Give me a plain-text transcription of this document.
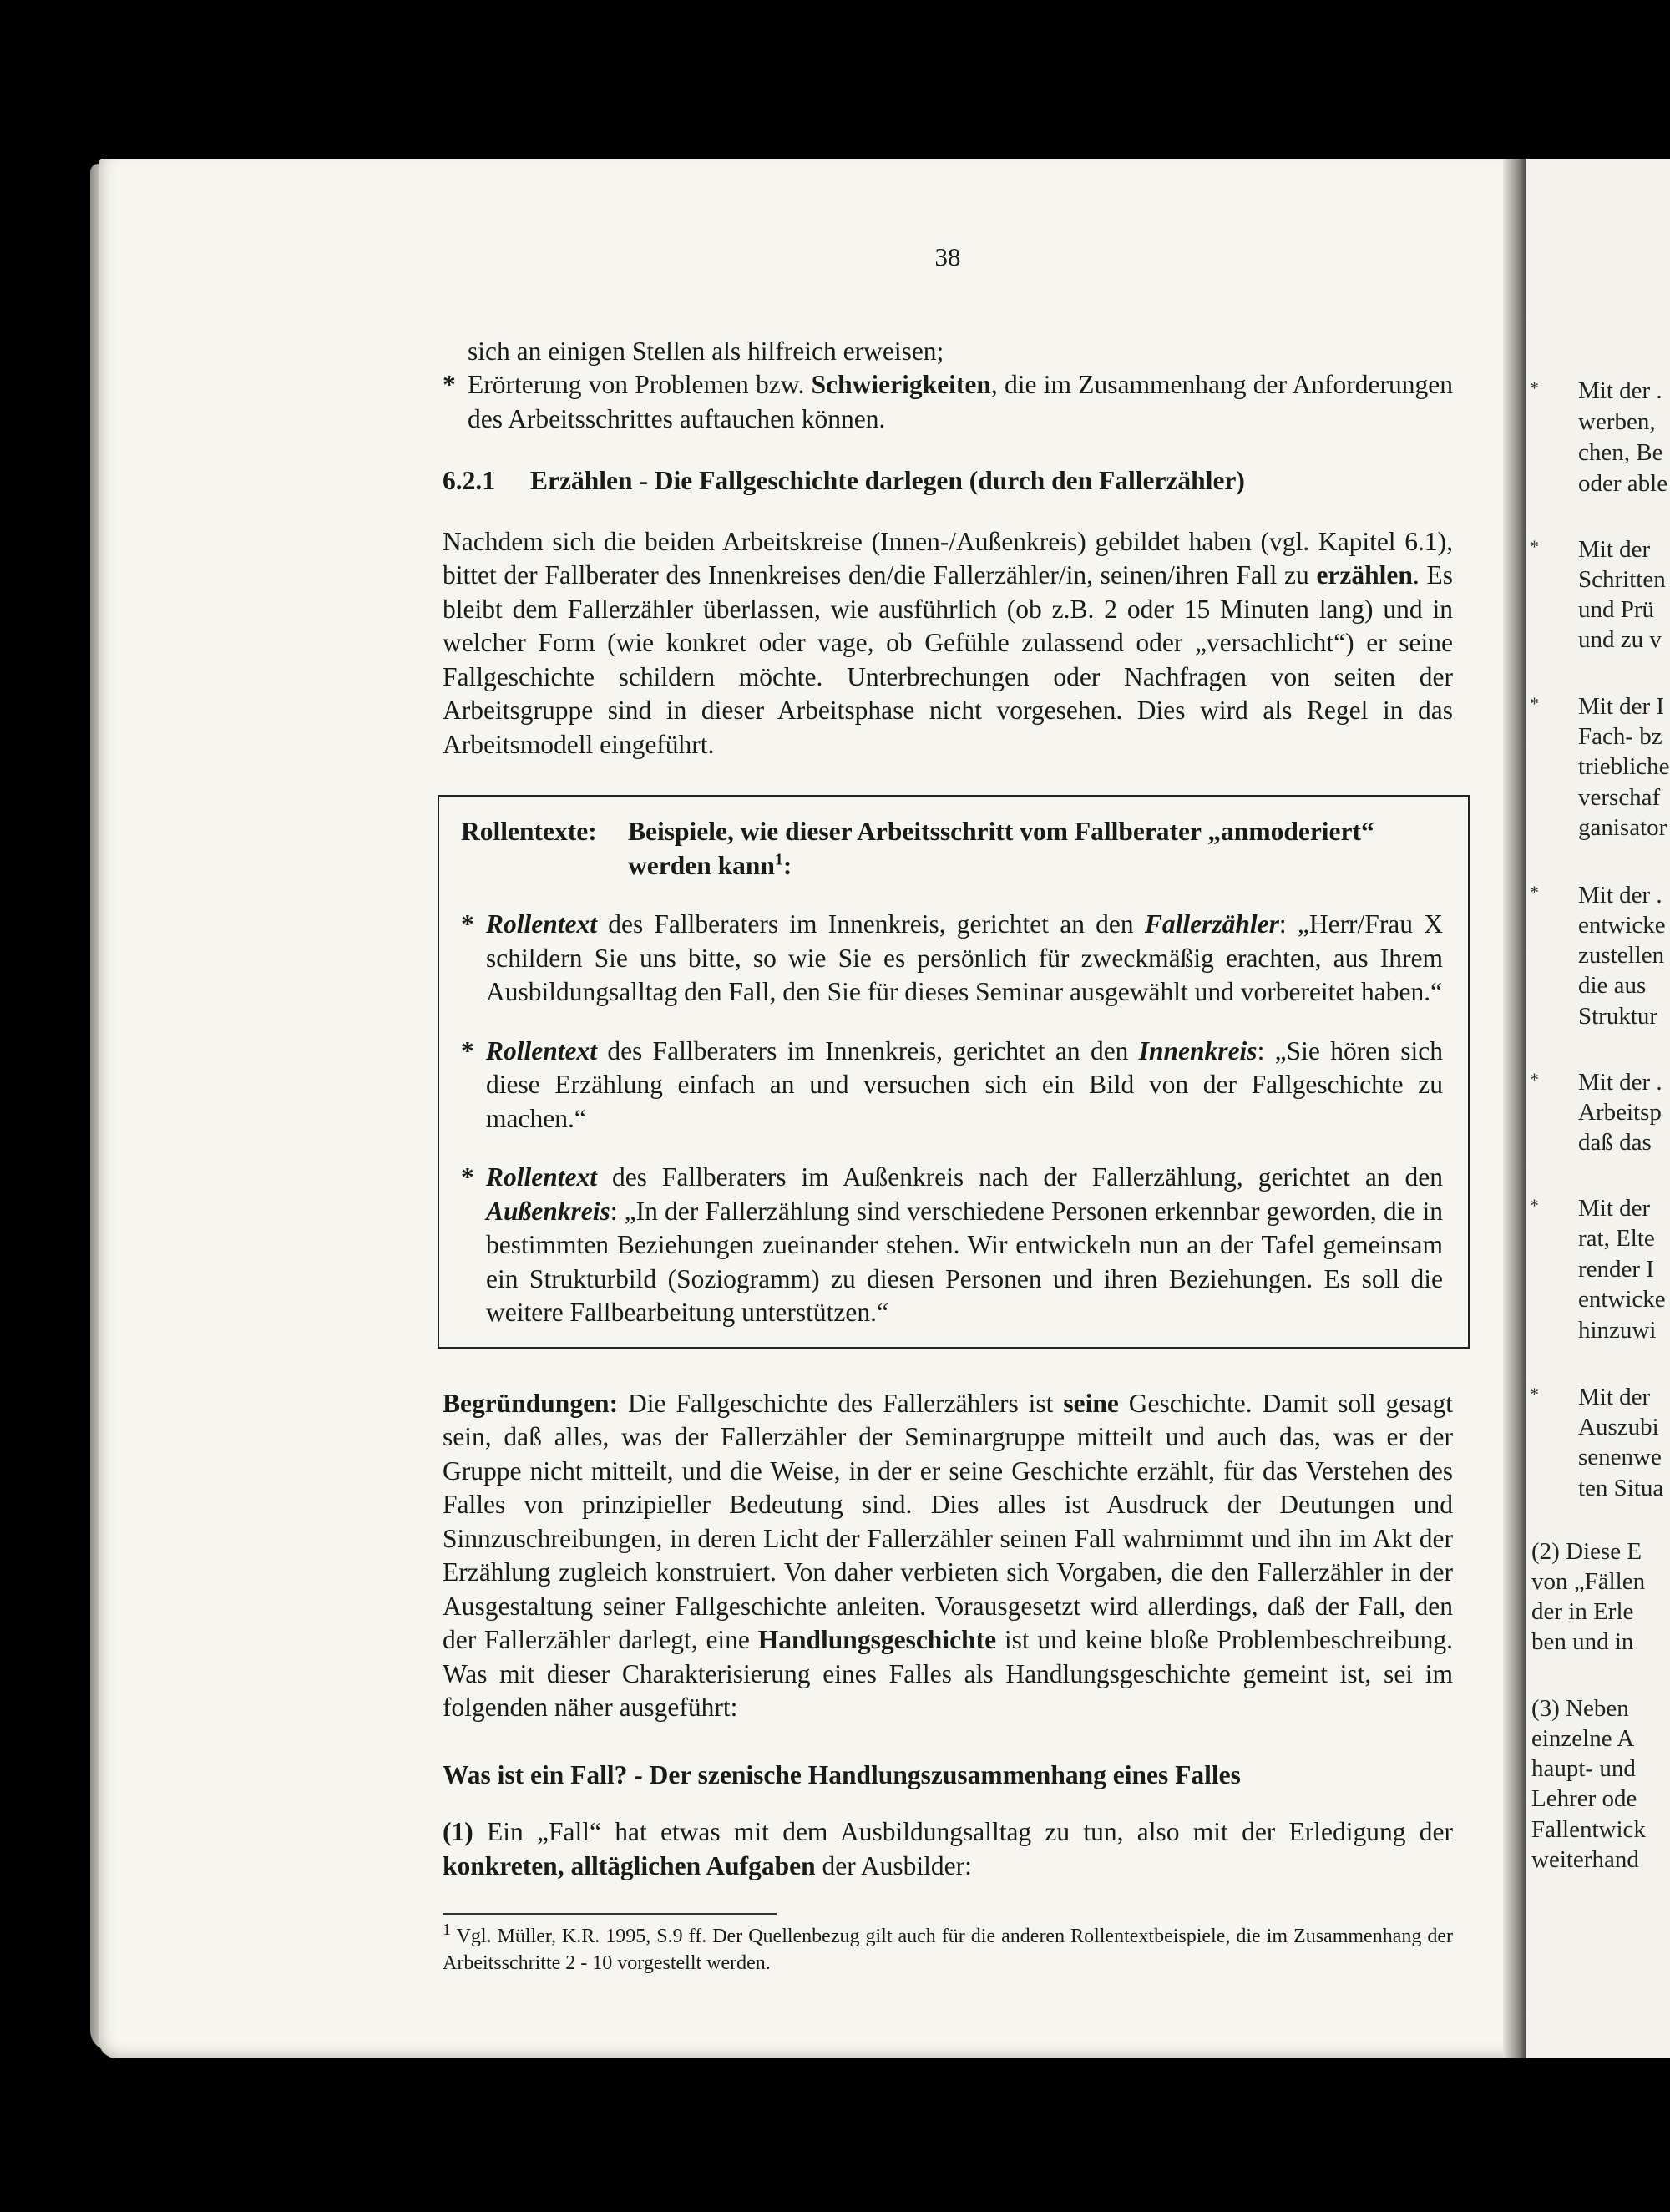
Mit der .
werben,
chen, Be
oder able
Mit der
Schritten
und Prü
und zu v
Mit der I
Fach- bz
triebliche
verschaf
ganisator
Mit der .
entwicke
zustellen
die aus
Struktur
Mit der .
Arbeitsp
daß das
Mit der
rat, Elte
render I
entwicke
hinzuwi
Mit der
Auszubi
senenwe
ten Situa
(2) Diese E
von „Fällen
der in Erle
ben und in
(3) Neben
einzelne A
haupt- und
Lehrer ode
Fallentwick
weiterhand
*
*
*
*
*
*
*
38

sich an einigen Stellen als hilfreich erweisen;

* Erörterung von Problemen bzw. Schwierigkeiten, die im Zusammenhang der Anforderungen des Arbeitsschrittes auftauchen können.
6.2.1	Erzählen - Die Fallgeschichte darlegen (durch den Fallerzähler)

Nachdem sich die beiden Arbeitskreise (Innen-/Außenkreis) gebildet haben (vgl. Kapitel 6.1), bittet der Fallberater des Innenkreises den/die Fallerzähler/in, seinen/ihren Fall zu erzählen. Es bleibt dem Fallerzähler überlassen, wie ausführlich (ob z.B. 2 oder 15 Minuten lang) und in welcher Form (wie konkret oder vage, ob Gefühle zulassend oder „versachlicht“) er seine Fallgeschichte schildern möchte. Unterbrechungen oder Nachfragen von seiten der Arbeitsgruppe sind in dieser Arbeitsphase nicht vorgesehen. Dies wird als Regel in das Arbeitsmodell eingeführt.

Rollentexte:	Beispiele, wie dieser Arbeitsschritt vom Fallberater „anmoderiert“ werden kann$^1$:
* Rollentext des Fallberaters im Innenkreis, gerichtet an den Fallerzähler: „Herr/Frau X schildern Sie uns bitte, so wie Sie es persönlich für zweckmäßig erachten, aus Ihrem Ausbildungsalltag den Fall, den Sie für dieses Seminar ausgewählt und vorbereitet haben.“
* Rollentext des Fallberaters im Innenkreis, gerichtet an den Innenkreis: „Sie hören sich diese Erzählung einfach an und versuchen sich ein Bild von der Fallgeschichte zu machen.“
* Rollentext des Fallberaters im Außenkreis nach der Fallerzählung, gerichtet an den Außenkreis: „In der Fallerzählung sind verschiedene Personen erkennbar geworden, die in bestimmten Beziehungen zueinander stehen. Wir entwickeln nun an der Tafel gemeinsam ein Strukturbild (Soziogramm) zu diesen Personen und ihren Beziehungen. Es soll die weitere Fallbearbeitung unterstützen.“

Begründungen: Die Fallgeschichte des Fallerzählers ist seine Geschichte. Damit soll gesagt sein, daß alles, was der Fallerzähler der Seminargruppe mitteilt und auch das, was er der Gruppe nicht mitteilt, und die Weise, in der er seine Geschichte erzählt, für das Verstehen des Falles von prinzipieller Bedeutung sind. Dies alles ist Ausdruck der Deutungen und Sinnzuschreibungen, in deren Licht der Fallerzähler seinen Fall wahrnimmt und ihn im Akt der Erzählung zugleich konstruiert. Von daher verbieten sich Vorgaben, die den Fallerzähler in der Ausgestaltung seiner Fallgeschichte anleiten. Vorausgesetzt wird allerdings, daß der Fall, den der Fallerzähler darlegt, eine Handlungsgeschichte ist und keine bloße Problembeschreibung. Was mit dieser Charakterisierung eines Falles als Handlungsgeschichte gemeint ist, sei im folgenden näher ausgeführt:

Was ist ein Fall? - Der szenische Handlungszusammenhang eines Falles

(1) Ein „Fall“ hat etwas mit dem Ausbildungsalltag zu tun, also mit der Erledigung der konkreten, alltäglichen Aufgaben der Ausbilder:

$^1$ Vgl. Müller, K.R. 1995, S.9 ff. Der Quellenbezug gilt auch für die anderen Rollentextbeispiele, die im Zusammenhang der Arbeitsschritte 2 - 10 vorgestellt werden.
